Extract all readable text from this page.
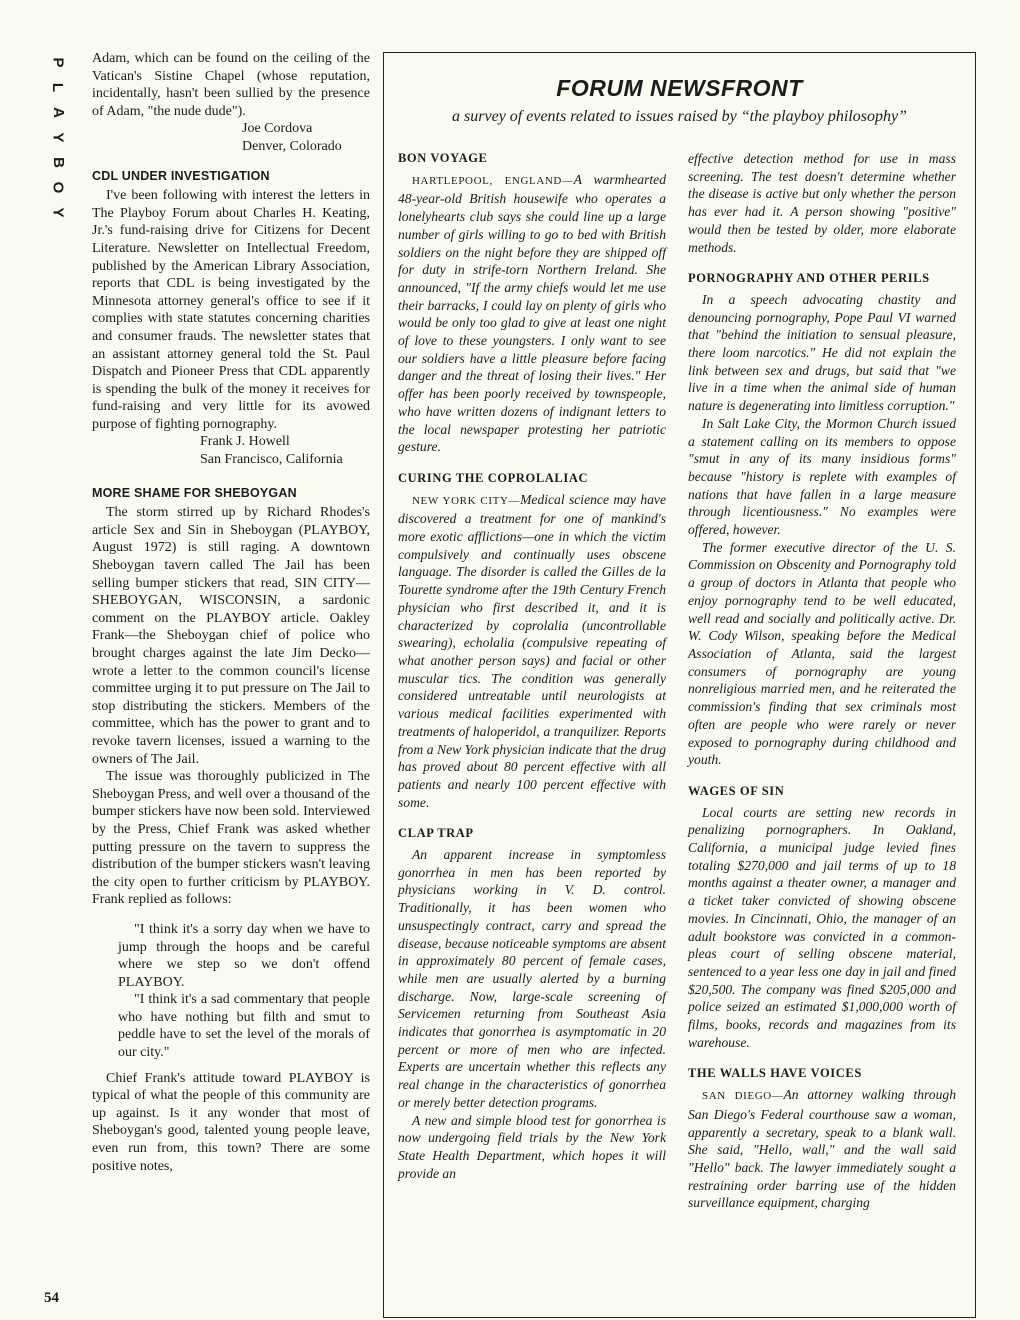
P
L
A
Y
B
O
Y
54

Adam, which can be found on the ceiling of the Vatican's Sistine Chapel (whose reputation, incidentally, hasn't been sullied by the presence of Adam, "the nude dude").

Joe Cordova
Denver, Colorado
CDL UNDER INVESTIGATION

I've been following with interest the letters in The Playboy Forum about Charles H. Keating, Jr.'s fund-raising drive for Citizens for Decent Literature. Newsletter on Intellectual Freedom, published by the American Library Association, reports that CDL is being investigated by the Minnesota attorney general's office to see if it complies with state statutes concerning charities and consumer frauds. The newsletter states that an assistant attorney general told the St. Paul Dispatch and Pioneer Press that CDL apparently is spending the bulk of the money it receives for fund-raising and very little for its avowed purpose of fighting pornography.

Frank J. Howell
San Francisco, California
MORE SHAME FOR SHEBOYGAN

The storm stirred up by Richard Rhodes's article Sex and Sin in Sheboygan (PLAYBOY, August 1972) is still raging. A downtown Sheboygan tavern called The Jail has been selling bumper stickers that read, SIN CITY—SHEBOYGAN, WISCONSIN, a sardonic comment on the PLAYBOY article. Oakley Frank—the Sheboygan chief of police who brought charges against the late Jim Decko—wrote a letter to the common council's license committee urging it to put pressure on The Jail to stop distributing the stickers. Members of the committee, which has the power to grant and to revoke tavern licenses, issued a warning to the owners of The Jail.

The issue was thoroughly publicized in The Sheboygan Press, and well over a thousand of the bumper stickers have now been sold. Interviewed by the Press, Chief Frank was asked whether putting pressure on the tavern to suppress the distribution of the bumper stickers wasn't leaving the city open to further criticism by PLAYBOY. Frank replied as follows:

"I think it's a sorry day when we have to jump through the hoops and be careful where we step so we don't offend PLAYBOY.

"I think it's a sad commentary that people who have nothing but filth and smut to peddle have to set the level of the morals of our city."

Chief Frank's attitude toward PLAYBOY is typical of what the people of this community are up against. Is it any wonder that most of Sheboygan's good, talented young people leave, even run from, this town? There are some positive notes,

FORUM NEWSFRONT
a survey of events related to issues raised by “the playboy philosophy”

BON VOYAGE

HARTLEPOOL, ENGLAND—A warmhearted 48-year-old British housewife who operates a lonelyhearts club says she could line up a large number of girls willing to go to bed with British soldiers on the night before they are shipped off for duty in strife-torn Northern Ireland. She announced, "If the army chiefs would let me use their barracks, I could lay on plenty of girls who would be only too glad to give at least one night of love to these youngsters. I only want to see our soldiers have a little pleasure before facing danger and the threat of losing their lives." Her offer has been poorly received by townspeople, who have written dozens of indignant letters to the local newspaper protesting her patriotic gesture.

CURING THE COPROLALIAC

NEW YORK CITY—Medical science may have discovered a treatment for one of mankind's more exotic afflictions—one in which the victim compulsively and continually uses obscene language. The disorder is called the Gilles de la Tourette syndrome after the 19th Century French physician who first described it, and it is characterized by coprolalia (uncontrollable swearing), echolalia (compulsive repeating of what another person says) and facial or other muscular tics. The condition was generally considered untreatable until neurologists at various medical facilities experimented with treatments of haloperidol, a tranquilizer. Reports from a New York physician indicate that the drug has proved about 80 percent effective with all patients and nearly 100 percent effective with some.

CLAP TRAP

An apparent increase in symptomless gonorrhea in men has been reported by physicians working in V. D. control. Traditionally, it has been women who unsuspectingly contract, carry and spread the disease, because noticeable symptoms are absent in approximately 80 percent of female cases, while men are usually alerted by a burning discharge. Now, large-scale screening of Servicemen returning from Southeast Asia indicates that gonorrhea is asymptomatic in 20 percent or more of men who are infected. Experts are uncertain whether this reflects any real change in the characteristics of gonorrhea or merely better detection programs.

A new and simple blood test for gonorrhea is now undergoing field trials by the New York State Health Department, which hopes it will provide an

effective detection method for use in mass screening. The test doesn't determine whether the disease is active but only whether the person has ever had it. A person showing "positive" would then be tested by older, more elaborate methods.

PORNOGRAPHY AND OTHER PERILS

In a speech advocating chastity and denouncing pornography, Pope Paul VI warned that "behind the initiation to sensual pleasure, there loom narcotics." He did not explain the link between sex and drugs, but said that "we live in a time when the animal side of human nature is degenerating into limitless corruption."

In Salt Lake City, the Mormon Church issued a statement calling on its members to oppose "smut in any of its many insidious forms" because "history is replete with examples of nations that have fallen in a large measure through licentiousness." No examples were offered, however.

The former executive director of the U. S. Commission on Obscenity and Pornography told a group of doctors in Atlanta that people who enjoy pornography tend to be well educated, well read and socially and politically active. Dr. W. Cody Wilson, speaking before the Medical Association of Atlanta, said the largest consumers of pornography are young nonreligious married men, and he reiterated the commission's finding that sex criminals most often are people who were rarely or never exposed to pornography during childhood and youth.

WAGES OF SIN

Local courts are setting new records in penalizing pornographers. In Oakland, California, a municipal judge levied fines totaling $270,000 and jail terms of up to 18 months against a theater owner, a manager and a ticket taker convicted of showing obscene movies. In Cincinnati, Ohio, the manager of an adult bookstore was convicted in a common-pleas court of selling obscene material, sentenced to a year less one day in jail and fined $20,500. The company was fined $205,000 and police seized an estimated $1,000,000 worth of films, books, records and magazines from its warehouse.

THE WALLS HAVE VOICES

SAN DIEGO—An attorney walking through San Diego's Federal courthouse saw a woman, apparently a secretary, speak to a blank wall. She said, "Hello, wall," and the wall said "Hello" back. The lawyer immediately sought a restraining order barring use of the hidden surveillance equipment, charging
